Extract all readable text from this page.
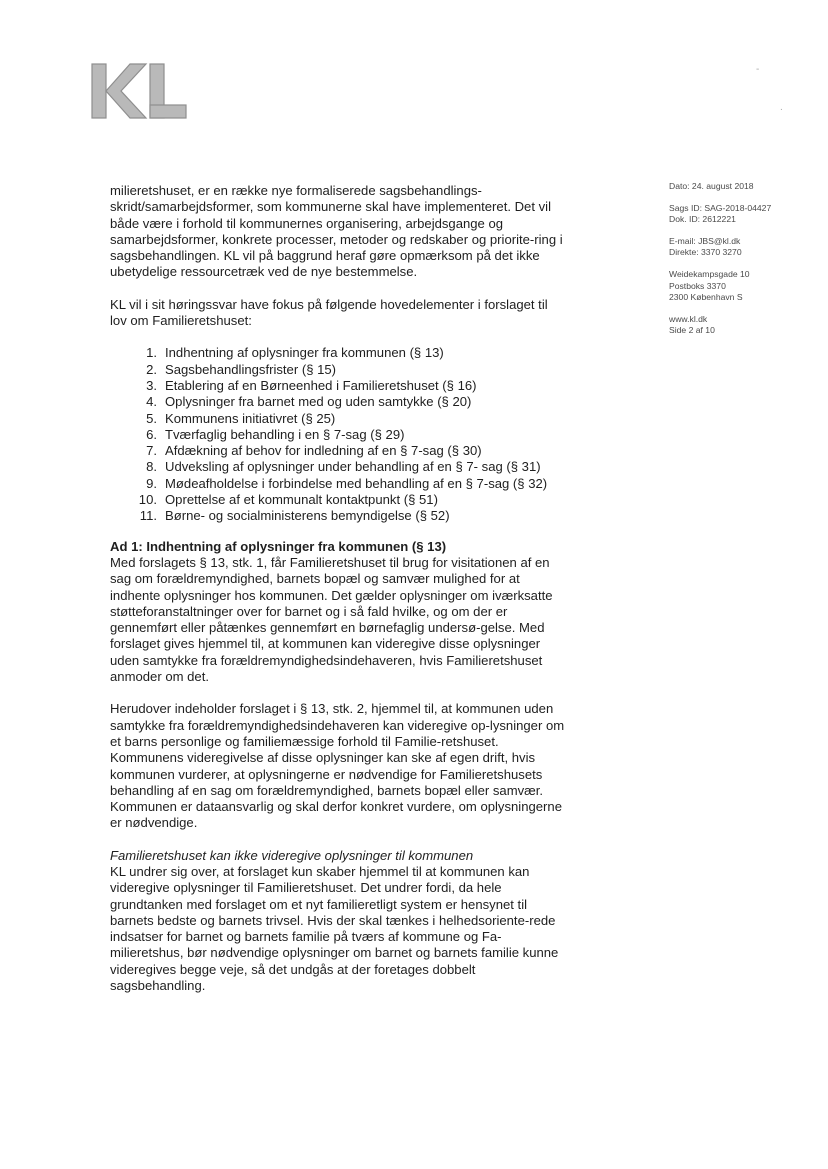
-
.
Dato: 24. august 2018
Sags ID: SAG-2018-04427
Dok. ID: 2612221
E-mail: JBS@kl.dk
Direkte: 3370 3270
Weidekampsgade 10
Postboks 3370
2300 København S
www.kl.dk
Side 2 af 10

milieretshuset, er en række nye formaliserede sagsbehandlings-skridt/samarbejdsformer, som kommunerne skal have implementeret. Det vil både være i forhold til kommunernes organisering, arbejdsgange og samarbejdsformer, konkrete processer, metoder og redskaber og priorite-ring i sagsbehandlingen. KL vil på baggrund heraf gøre opmærksom på det ikke ubetydelige ressourcetræk ved de nye bestemmelse.

KL vil i sit høringssvar have fokus på følgende hovedelementer i forslaget til lov om Familieretshuset:

1. Indhentning af oplysninger fra kommunen (§ 13)
2. Sagsbehandlingsfrister (§ 15)
3. Etablering af en Børneenhed i Familieretshuset (§ 16)
4. Oplysninger fra barnet med og uden samtykke (§ 20)
5. Kommunens initiativret (§ 25)
6. Tværfaglig behandling i en § 7-sag (§ 29)
7. Afdækning af behov for indledning af en § 7-sag (§ 30)
8. Udveksling af oplysninger under behandling af en § 7- sag (§ 31)
9. Mødeafholdelse i forbindelse med behandling af en § 7-sag (§ 32)
10. Oprettelse af et kommunalt kontaktpunkt (§ 51)
11. Børne- og socialministerens bemyndigelse (§ 52)
Ad 1: Indhentning af oplysninger fra kommunen (§ 13)

Med forslagets § 13, stk. 1, får Familieretshuset til brug for visitationen af en sag om forældremyndighed, barnets bopæl og samvær mulighed for at indhente oplysninger hos kommunen. Det gælder oplysninger om iværksatte støtteforanstaltninger over for barnet og i så fald hvilke, og om der er gennemført eller påtænkes gennemført en børnefaglig undersø-gelse. Med forslaget gives hjemmel til, at kommunen kan videregive disse oplysninger uden samtykke fra forældremyndighedsindehaveren, hvis Familieretshuset anmoder om det.

Herudover indeholder forslaget i § 13, stk. 2, hjemmel til, at kommunen uden samtykke fra forældremyndighedsindehaveren kan videregive op-lysninger om et barns personlige og familiemæssige forhold til Familie-retshuset. Kommunens videregivelse af disse oplysninger kan ske af egen drift, hvis kommunen vurderer, at oplysningerne er nødvendige for Familieretshusets behandling af en sag om forældremyndighed, barnets bopæl eller samvær. Kommunen er dataansvarlig og skal derfor konkret vurdere, om oplysningerne er nødvendige.

Familieretshuset kan ikke videregive oplysninger til kommunen

KL undrer sig over, at forslaget kun skaber hjemmel til at kommunen kan videregive oplysninger til Familieretshuset. Det undrer fordi, da hele grundtanken med forslaget om et nyt familieretligt system er hensynet til barnets bedste og barnets trivsel. Hvis der skal tænkes i helhedsoriente-rede indsatser for barnet og barnets familie på tværs af kommune og Fa-milieretshus, bør nødvendige oplysninger om barnet og barnets familie kunne videregives begge veje, så det undgås at der foretages dobbelt sagsbehandling.
